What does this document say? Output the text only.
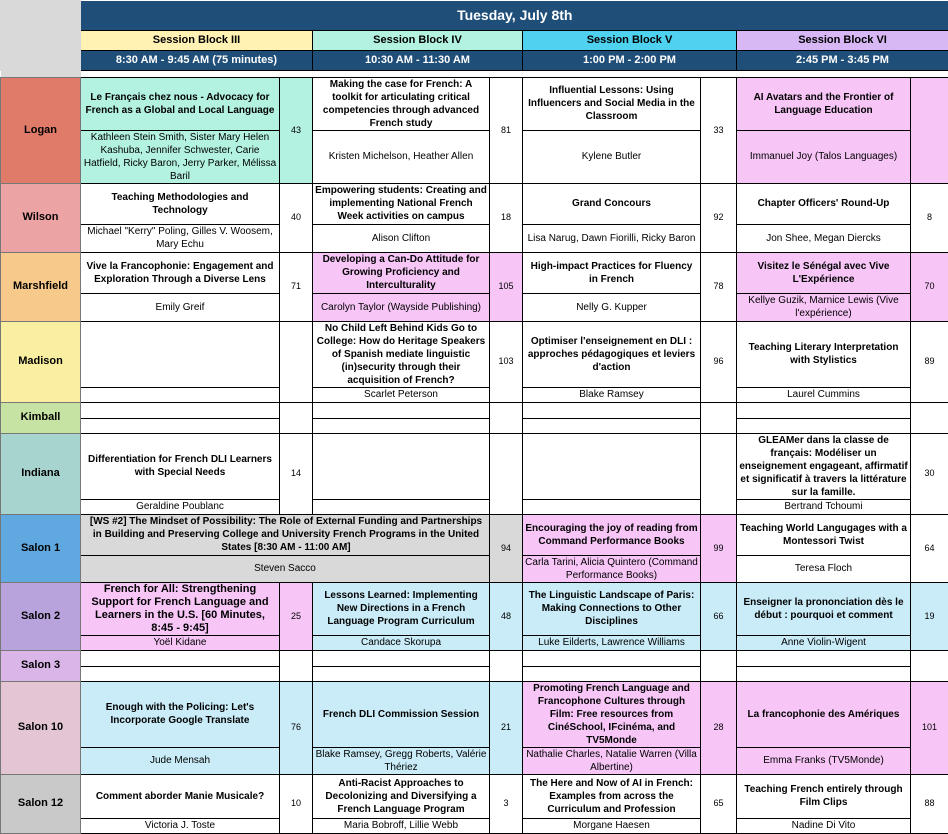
	Tuesday, July 8th							
	Session Block III		Session Block IV		Session Block V		Session Block VI	
	8:30 AM - 9:45 AM (75 minutes)		10:30 AM - 11:30 AM		1:00 PM - 2:00 PM		2:45 PM - 3:45 PM	

Logan	Le Français chez nous - Advocacy for French as a Global and Local Language	43	Making the case for French: A toolkit for articulating critical competencies through advanced French study	81	Influential Lessons: Using Influencers and Social Media in the Classroom	33	AI Avatars and the Frontier of Language Education	
	Kathleen Stein Smith, Sister Mary Helen Kashuba, Jennifer Schwester, Carie Hatfield, Ricky Baron, Jerry Parker, Mélissa Baril		Kristen Michelson, Heather Allen		Kylene Butler		Immanuel Joy (Talos Languages)	
Wilson	Teaching Methodologies and Technology	40	Empowering students: Creating and implementing National French Week activities on campus	18	Grand Concours	92	Chapter Officers' Round-Up	8
	Michael "Kerry" Poling, Gilles V. Woosem, Mary Echu		Alison Clifton		Lisa Narug, Dawn Fiorilli, Ricky Baron		Jon Shee, Megan Diercks	
Marshfield	Vive la Francophonie: Engagement and Exploration Through a Diverse Lens	71	Developing a Can-Do Attitude for Growing Proficiency and Interculturality	105	High-impact Practices for Fluency in French	78	Visitez le Sénégal avec Vive L'Expérience	70
	Emily Greif		Carolyn Taylor (Wayside Publishing)		Nelly G. Kupper		Kellye Guzik, Marnice Lewis (Vive l'expérience)	
Madison			No Child Left Behind Kids Go to College: How do Heritage Speakers of Spanish mediate linguistic (in)security through their acquisition of French?	103	Optimiser l'enseignement en DLI : approches pédagogiques et leviers d'action	96	Teaching Literary Interpretation with Stylistics	89
			Scarlet Peterson		Blake Ramsey		Laurel Cummins	
Kimball								

Indiana	Differentiation for French DLI Learners with Special Needs	14					GLEAMer dans la classe de français: Modéliser un enseignement engageant, affirmatif et significatif à travers la littérature sur la famille.	30
	Geraldine Poublanc						Bertrand Tchoumi	
Salon 1	[WS #2] The Mindset of Possibility: The Role of External Funding and Partnerships in Building and Preserving College and University French Programs in the United States [8:30 AM - 11:00 AM]			94	Encouraging the joy of reading from Command Performance Books	99	Teaching World Langugages with a Montessori Twist	64
	Steven Sacco				Carla Tarini, Alicia Quintero (Command Performance Books)		Teresa Floch	
Salon 2	French for All: Strengthening Support for French Language and Learners in the U.S. [60 Minutes, 8:45 - 9:45]	25	Lessons Learned: Implementing New Directions in a French Language Program Curriculum	48	The Linguistic Landscape of Paris: Making Connections to Other Disciplines	66	Enseigner la prononciation dès le début : pourquoi et comment	19
	Yoël Kidane		Candace Skorupa		Luke Eilderts, Lawrence Williams		Anne Violin-Wigent	
Salon 3								

Salon 10	Enough with the Policing: Let's Incorporate Google Translate	76	French DLI Commission Session	21	Promoting French Language and Francophone Cultures through Film: Free resources from CinéSchool, IFcinéma, and TV5Monde	28	La francophonie des Amériques	101
	Jude Mensah		Blake Ramsey, Gregg Roberts, Valérie Thériez		Nathalie Charles, Natalie Warren (Villa Albertine)		Emma Franks (TV5Monde)	
Salon 12	Comment aborder Manie Musicale?	10	Anti-Racist Approaches to Decolonizing and Diversifying a French Language Program	3	The Here and Now of AI in French: Examples from across the Curriculum and Profession	65	Teaching French entirely through Film Clips	88
	Victoria J. Toste		Maria Bobroff, Lillie Webb		Morgane Haesen		Nadine Di Vito	
